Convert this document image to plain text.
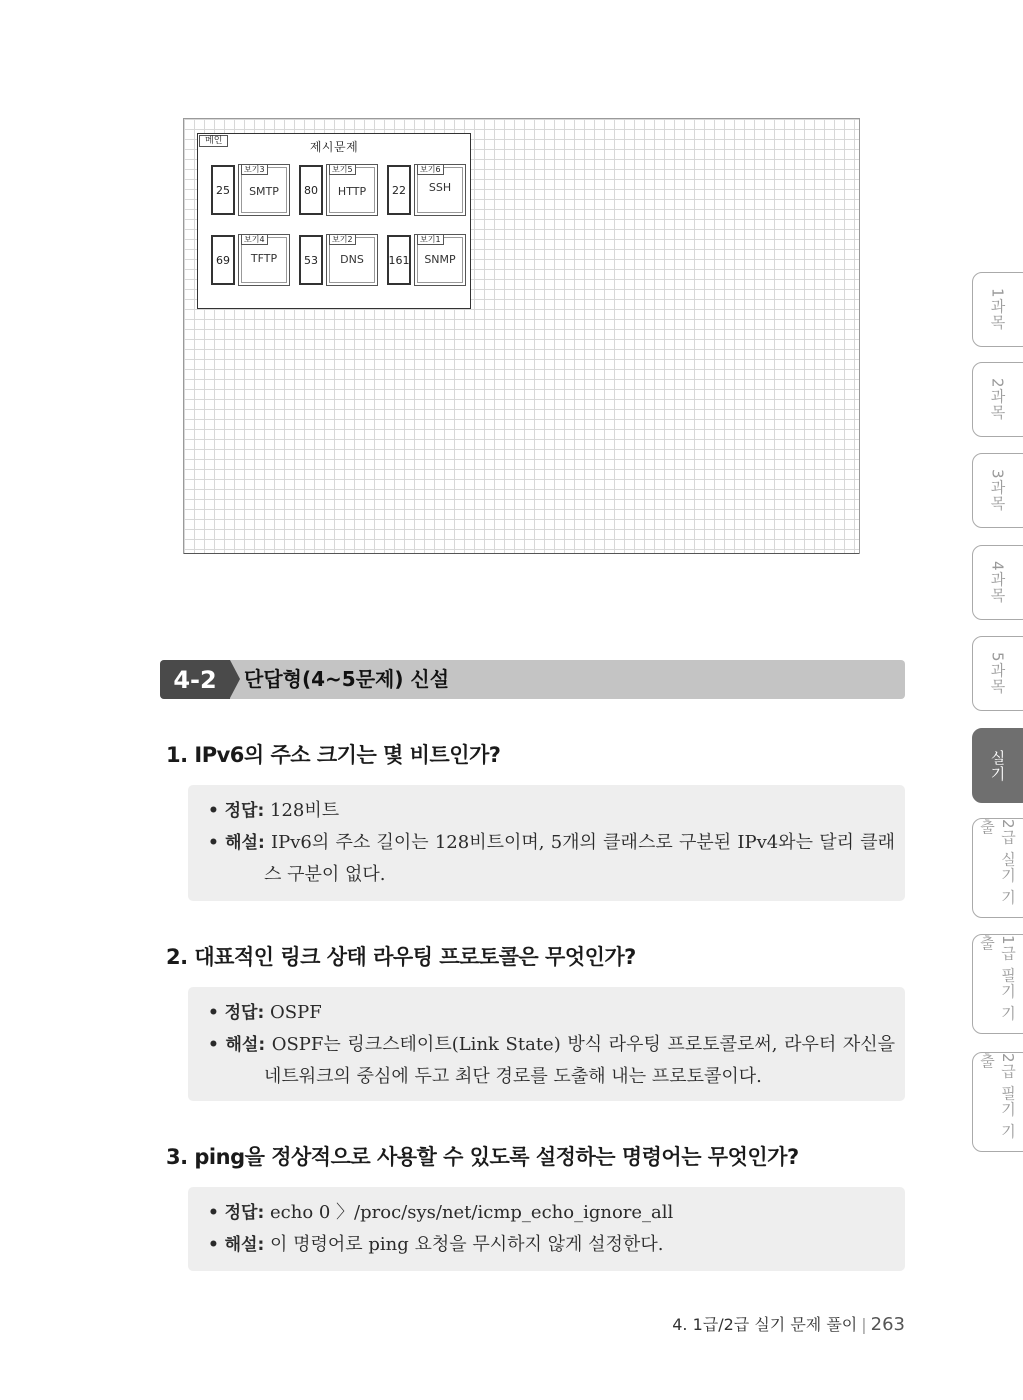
메인	제시문제
25
보기3
SMTP	80
보기5
HTTP	22
보기6
SSH
69
보기4
TFTP	53
보기2
DNS	161
보기1
SNMP
1과목
2과목
3과목
4과목
5과목
실기
2급 실기 기출
1급 필기 기출
2급 필기 기출
4-2	단답형(4~5문제) 신설
1. IPv6의 주소 크기는 몇 비트인가?
• 정답: 128비트
• 해설: IPv6의 주소 길이는 128비트이며, 5개의 클래스로 구분된 IPv4와는 달리 클래스 구분이 없다.
2. 대표적인 링크 상태 라우팅 프로토콜은 무엇인가?
• 정답: OSPF
• 해설: OSPF는 링크스테이트(Link State) 방식 라우팅 프로토콜로써, 라우터 자신을 네트워크의 중심에 두고 최단 경로를 도출해 내는 프로토콜이다.
3. ping을 정상적으로 사용할 수 있도록 설정하는 명령어는 무엇인가?
• 정답: echo 0 〉/proc/sys/net/icmp_echo_ignore_all
• 해설: 이 명령어로 ping 요청을 무시하지 않게 설정한다.
4. 1급/2급 실기 문제 풀이 | 263
